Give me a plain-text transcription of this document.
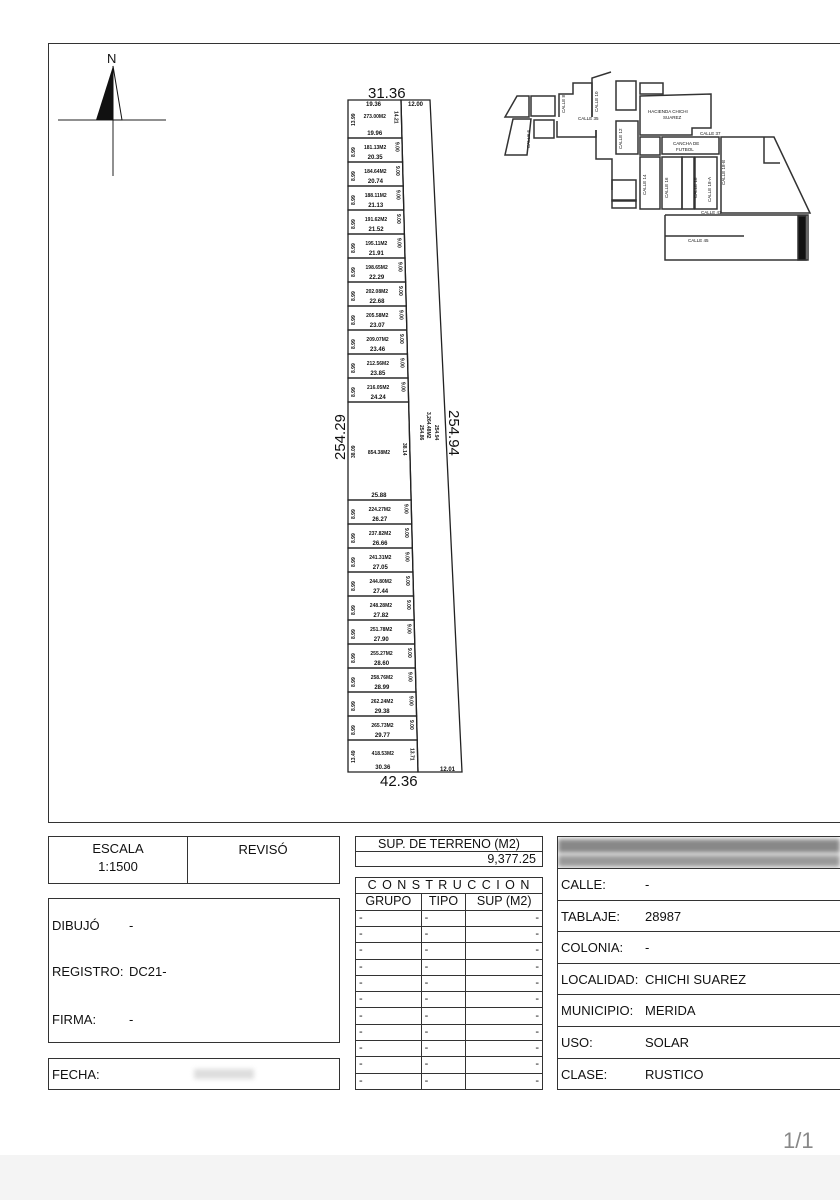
N
31.36
42.36
254.29	254.94
12.00
12.01
3,264.48M2
254.86 254.94
19.36
273.00M2
19.96
13.99	14.21
181.13M2
20.35
8.99
9.00
184.64M2
20.74
8.99
9.00
188.11M2
21.13
8.99
9.00
191.62M2
21.52
8.99
9.00
195.11M2
21.91
8.99
9.00
198.65M2
22.29
8.99
9.00
202.08M2
22.68
8.99
9.00
205.58M2
23.07
8.99
9.00
209.07M2
23.46
8.99
9.00
212.56M2
23.85
8.99
9.00
216.05M2
24.24
8.99
9.00
854.38M2
25.88
38.09	38.14
224.27M2
26.27
8.99
9.00
237.82M2
26.66
8.99
9.00
241.31M2
27.05
8.99
9.00
244.80M2
27.44
8.99
9.00
248.28M2
27.82
8.99
9.00
251.78M2
27.90
8.99
9.00
255.27M2
28.60
8.99
9.00
258.76M2
28.99
8.99
9.00
262.24M2
29.38
8.99
9.00
265.73M2
29.77
8.99
9.00
418.53M2
30.36
13.49	13.71
CALLE 6
CALLE 8	CALLE 10
CALLE 35
CALLE 12
HACIENDA CHICHI
SUAREZ
CALLE 37
CANCHA DE
FUTBOL
CALLE 14	CALLE 16	CALLE 18 CALLE 18-A
CALLE 18-B
CALLE 43
CALLE 45
ESCALA
1:1500
REVISÓ
DIBUJÓ -
REGISTRO: DC21-
FIRMA:	-
FECHA:
SUP. DE TERRENO (M2)
9,377.25
C O N S T R U C C I O N		
GRUPO	TIPO	SUP (M2)
-	-	-
-	-	-
-	-	-
-	-	-
-	-	-
-	-	-
-	-	-
-	-	-
-	-	-
-	-	-
-	-	-
CALLE:	-
TABLAJE: 28987
COLONIA: -
LOCALIDAD: CHICHI SUAREZ
MUNICIPIO: MERIDA
USO:	SOLAR
CLASE:	RUSTICO
1/1
